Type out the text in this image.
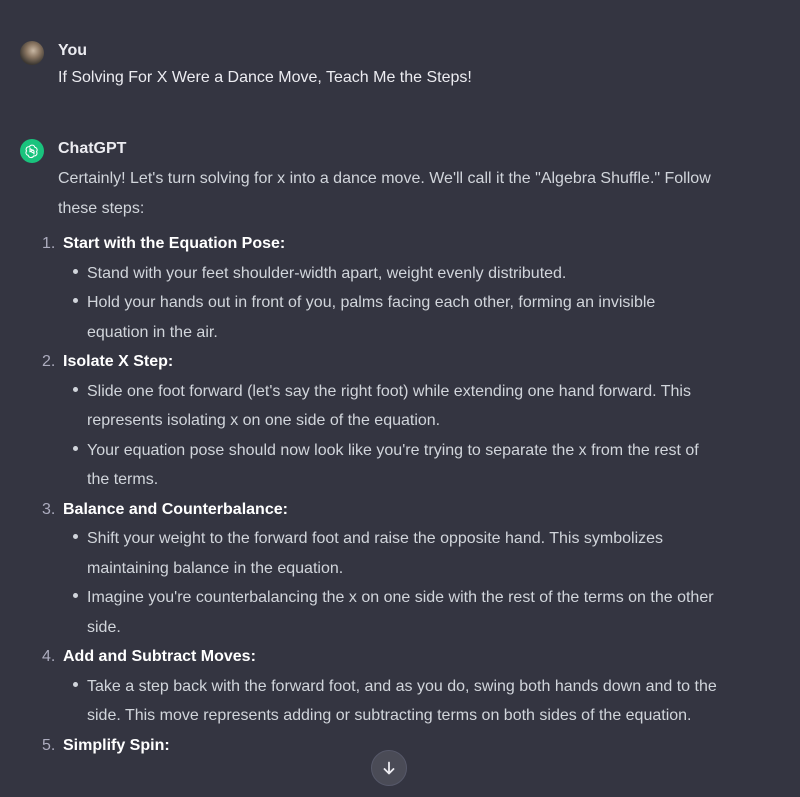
You
If Solving For X Were a Dance Move, Teach Me the Steps!
ChatGPT

Certainly! Let's turn solving for x into a dance move. We'll call it the "Algebra Shuffle." Follow these steps:

1. Start with the Equation Pose:
Stand with your feet shoulder-width apart, weight evenly distributed.
Hold your hands out in front of you, palms facing each other, forming an invisible equation in the air.
2. Isolate X Step:
Slide one foot forward (let's say the right foot) while extending one hand forward. This represents isolating x on one side of the equation.
Your equation pose should now look like you're trying to separate the x from the rest of the terms.
3. Balance and Counterbalance:
Shift your weight to the forward foot and raise the opposite hand. This symbolizes maintaining balance in the equation.
Imagine you're counterbalancing the x on one side with the rest of the terms on the other side.
4. Add and Subtract Moves:
Take a step back with the forward foot, and as you do, swing both hands down and to the side. This move represents adding or subtracting terms on both sides of the equation.
5. Simplify Spin:
